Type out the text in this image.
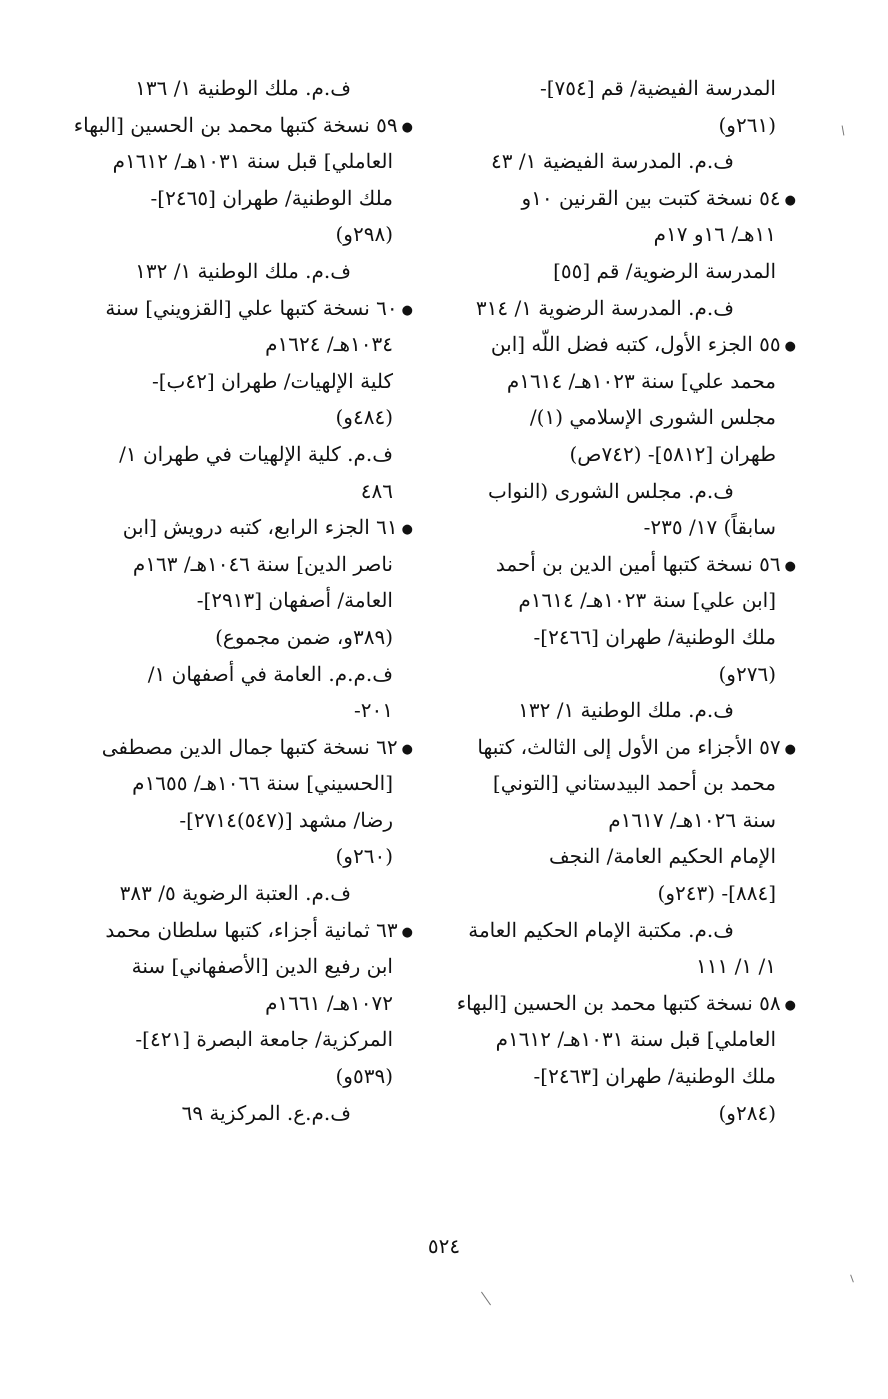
المدرسة الفيضية/ قم [٧٥٤]-
(٢٦١و)
ف.م. المدرسة الفيضية ١/ ٤٣
● ٥٤ نسخة كتبت بين القرنين ١٠و
١١هـ/ ١٦و ١٧م
المدرسة الرضوية/ قم [٥٥]
ف.م. المدرسة الرضوية ١/ ٣١٤
● ٥٥ الجزء الأول، كتبه فضل اللّه [ابن
محمد علي] سنة ١٠٢٣هـ/ ١٦١٤م
مجلس الشورى الإسلامي (١)/
طهران [٥٨١٢]- (٧٤٢ص)
ف.م. مجلس الشورى (النواب
سابقاً) ١٧/ ٢٣٥-
● ٥٦ نسخة كتبها أمين الدين بن أحمد
[ابن علي] سنة ١٠٢٣هـ/ ١٦١٤م
ملك الوطنية/ طهران [٢٤٦٦]-
(٢٧٦و)
ف.م. ملك الوطنية ١/ ١٣٢
● ٥٧ الأجزاء من الأول إلى الثالث، كتبها
محمد بن أحمد البيدستاني [التوني]
سنة ١٠٢٦هـ/ ١٦١٧م
الإمام الحكيم العامة/ النجف
[٨٨٤]- (٢٤٣و)
ف.م. مكتبة الإمام الحكيم العامة
١/ ١/ ١١١
● ٥٨ نسخة كتبها محمد بن الحسين [البهاء
العاملي] قبل سنة ١٠٣١هـ/ ١٦١٢م
ملك الوطنية/ طهران [٢٤٦٣]-
(٢٨٤و)
ف.م. ملك الوطنية ١/ ١٣٦
● ٥٩ نسخة كتبها محمد بن الحسين [البهاء
العاملي] قبل سنة ١٠٣١هـ/ ١٦١٢م
ملك الوطنية/ طهران [٢٤٦٥]-
(٢٩٨و)
ف.م. ملك الوطنية ١/ ١٣٢
● ٦٠ نسخة كتبها علي [القزويني] سنة
١٠٣٤هـ/ ١٦٢٤م
كلية الإلهيات/ طهران [٤٢ب]-
(٤٨٤و)
ف.م. كلية الإلهيات في طهران ١/
٤٨٦
● ٦١ الجزء الرابع، كتبه درويش [ابن
ناصر الدين] سنة ١٠٤٦هـ/ ١٦٣م
العامة/ أصفهان [٢٩١٣]-
(٣٨٩و، ضمن مجموع)
ف.م.م. العامة في أصفهان ١/
٢٠١-
● ٦٢ نسخة كتبها جمال الدين مصطفى
[الحسيني] سنة ١٠٦٦هـ/ ١٦٥٥م
رضا/ مشهد [(٥٤٧)٢٧١٤]-
(٢٦٠و)
ف.م. العتبة الرضوية ٥/ ٣٨٣
● ٦٣ ثمانية أجزاء، كتبها سلطان محمد
ابن رفيع الدين [الأصفهاني] سنة
١٠٧٢هـ/ ١٦٦١م
المركزية/ جامعة البصرة [٤٢١]-
(٥٣٩و)
ف.م.ع. المركزية ٦٩
٥٢٤
